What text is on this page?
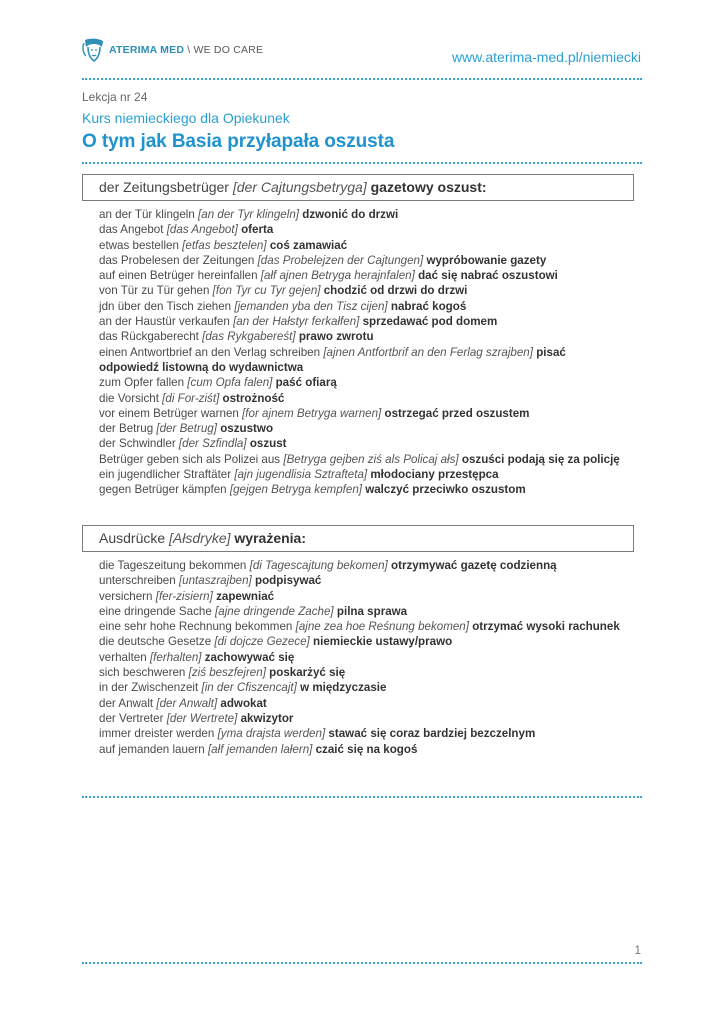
ATERIMA MED \ WE DO CARE	www.aterima-med.pl/niemiecki
Lekcja nr 24
Kurs niemieckiego dla Opiekunek
O tym jak Basia przyłapała oszusta
der Zeitungsbetrüger [der Cajtungsbetryga] gazetowy oszust:
an der Tür klingeln [an der Tyr klingeln] dzwonić do drzwi
das Angebot [das Angebot] oferta
etwas bestellen [etfas besztelen] coś zamawiać
das Probelesen der Zeitungen [das Probelejzen der Cajtungen] wypróbowanie gazety
auf einen Betrüger hereinfallen [ałf ajnen Betryga herajnfalen] dać się nabrać oszustowi
von Tür zu Tür gehen [fon Tyr cu Tyr gejen] chodzić od drzwi do drzwi
jdn über den Tisch ziehen [jemanden yba den Tisz cijen] nabrać kogoś
an der Haustür verkaufen [an der Hałstyr ferkałfen] sprzedawać pod domem
das Rückgaberecht [das Rykgabereśt] prawo zwrotu
einen Antwortbrief an den Verlag schreiben [ajnen Antfortbrif an den Ferlag szrajben] pisać
odpowiedź listowną do wydawnictwa
zum Opfer fallen [cum Opfa falen] paść ofiarą
die Vorsicht [di For-ziśt] ostrożność
vor einem Betrüger warnen [for ajnem Betryga warnen] ostrzegać przed oszustem
der Betrug [der Betrug] oszustwo
der Schwindler [der Szfindla] oszust
Betrüger geben sich als Polizei aus [Betryga gejben ziś als Policaj ałs] oszuści podają się za policję
ein jugendlicher Straftäter [ajn jugendlisia Sztrafteta] młodociany przestępca
gegen Betrüger kämpfen [gejgen Betryga kempfen] walczyć przeciwko oszustom
Ausdrücke [Ałsdryke] wyrażenia:
die Tageszeitung bekommen [di Tagescajtung bekomen] otrzymywać gazetę codzienną
unterschreiben [untaszrajben] podpisywać
versichern [fer-zisiern] zapewniać
eine dringende Sache [ajne dringende Zache] pilna sprawa
eine sehr hohe Rechnung bekommen [ajne zea hoe Reśnung bekomen] otrzymać wysoki rachunek
die deutsche Gesetze [di dojcze Gezece] niemieckie ustawy/prawo
verhalten [ferhalten] zachowywać się
sich beschweren [ziś beszfejren] poskarżyć się
in der Zwischenzeit [in der Cfiszencajt] w międzyczasie
der Anwalt [der Anwalt] adwokat
der Vertreter [der Wertrete] akwizytor
immer dreister werden [yma drajsta werden] stawać się coraz bardziej bezczelnym
auf jemanden lauern [ałf jemanden lałern] czaić się na kogoś
1
